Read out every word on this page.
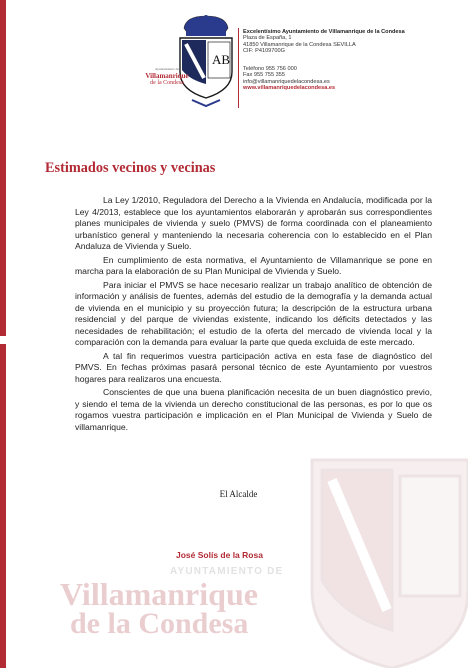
AB
Ayuntamiento de
Villamanrique
de la Condesa
Excelentísimo Ayuntamiento de Villamanrique de la Condesa
Plaza de España, 1
41850 Villamanrique de la Condesa SEVILLA
CIF: P4109700G
Teléfono 955 756 000
Fax 955 755 355
info@villamanriquedelacondesa.es
www.villamanriquedelacondesa.es
Estimados vecinos y vecinas

La Ley 1/2010, Reguladora del Derecho a la Vivienda en Andalucía, modificada por la Ley 4/2013, establece que los ayuntamientos elaborarán y aprobarán sus correspondientes planes municipales de vivienda y suelo (PMVS) de forma coordinada con el planeamiento urbanístico general y manteniendo la necesaria coherencia con lo establecido en el Plan Andaluza de Vivienda y Suelo.

En cumplimiento de esta normativa, el Ayuntamiento de Villamanrique se pone en marcha para la elaboración de su Plan Municipal de Vivienda y Suelo.

Para iniciar el PMVS se hace necesario realizar un trabajo analítico de obtención de información y análisis de fuentes, además del estudio de la demografía y la demanda actual de vivienda en el municipio y su proyección futura; la descripción de la estructura urbana residencial y del parque de viviendas existente, indicando los déficits detectados y las necesidades de rehabilitación; el estudio de la oferta del mercado de vivienda local y la comparación con la demanda para evaluar la parte que queda excluida de este mercado.

A tal fin requerimos vuestra participación activa en esta fase de diagnóstico del PMVS. En fechas próximas pasará personal técnico de este Ayuntamiento por vuestros hogares para realizaros una encuesta.

Conscientes de que una buena planificación necesita de un buen diagnóstico previo, y siendo el tema de la vivienda un derecho constitucional de las personas, es por lo que os rogamos vuestra participación e implicación en el Plan Municipal de Vivienda y Suelo de villamanrique.

El Alcalde
José Solís de la Rosa
AYUNTAMIENTO DE
Villamanrique
de la Condesa
